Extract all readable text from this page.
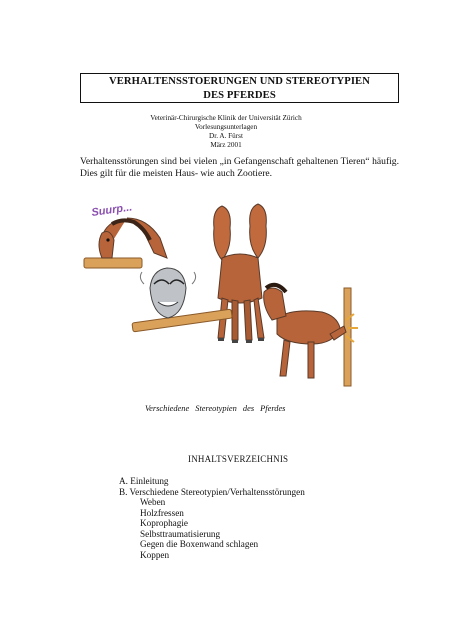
VERHALTENSSTOERUNGEN UND STEREOTYPIEN
DES PFERDES
Veterinär-Chirurgische Klinik der Universität Zürich
Vorlesungsunterlagen
Dr. A. Fürst
März 2001
Verhaltensstörungen sind bei vielen „in Gefangenschaft gehaltenen Tieren“ häufig. Dies gilt für die meisten Haus- wie auch Zootiere.
Suurp...
Verschiedene Stereotypien des Pferdes
INHALTSVERZEICHNIS
A. Einleitung
B. Verschiedene Stereotypien/Verhaltensstörungen
Weben
Holzfressen
Koprophagie
Selbsttraumatisierung
Gegen die Boxenwand schlagen
Koppen
